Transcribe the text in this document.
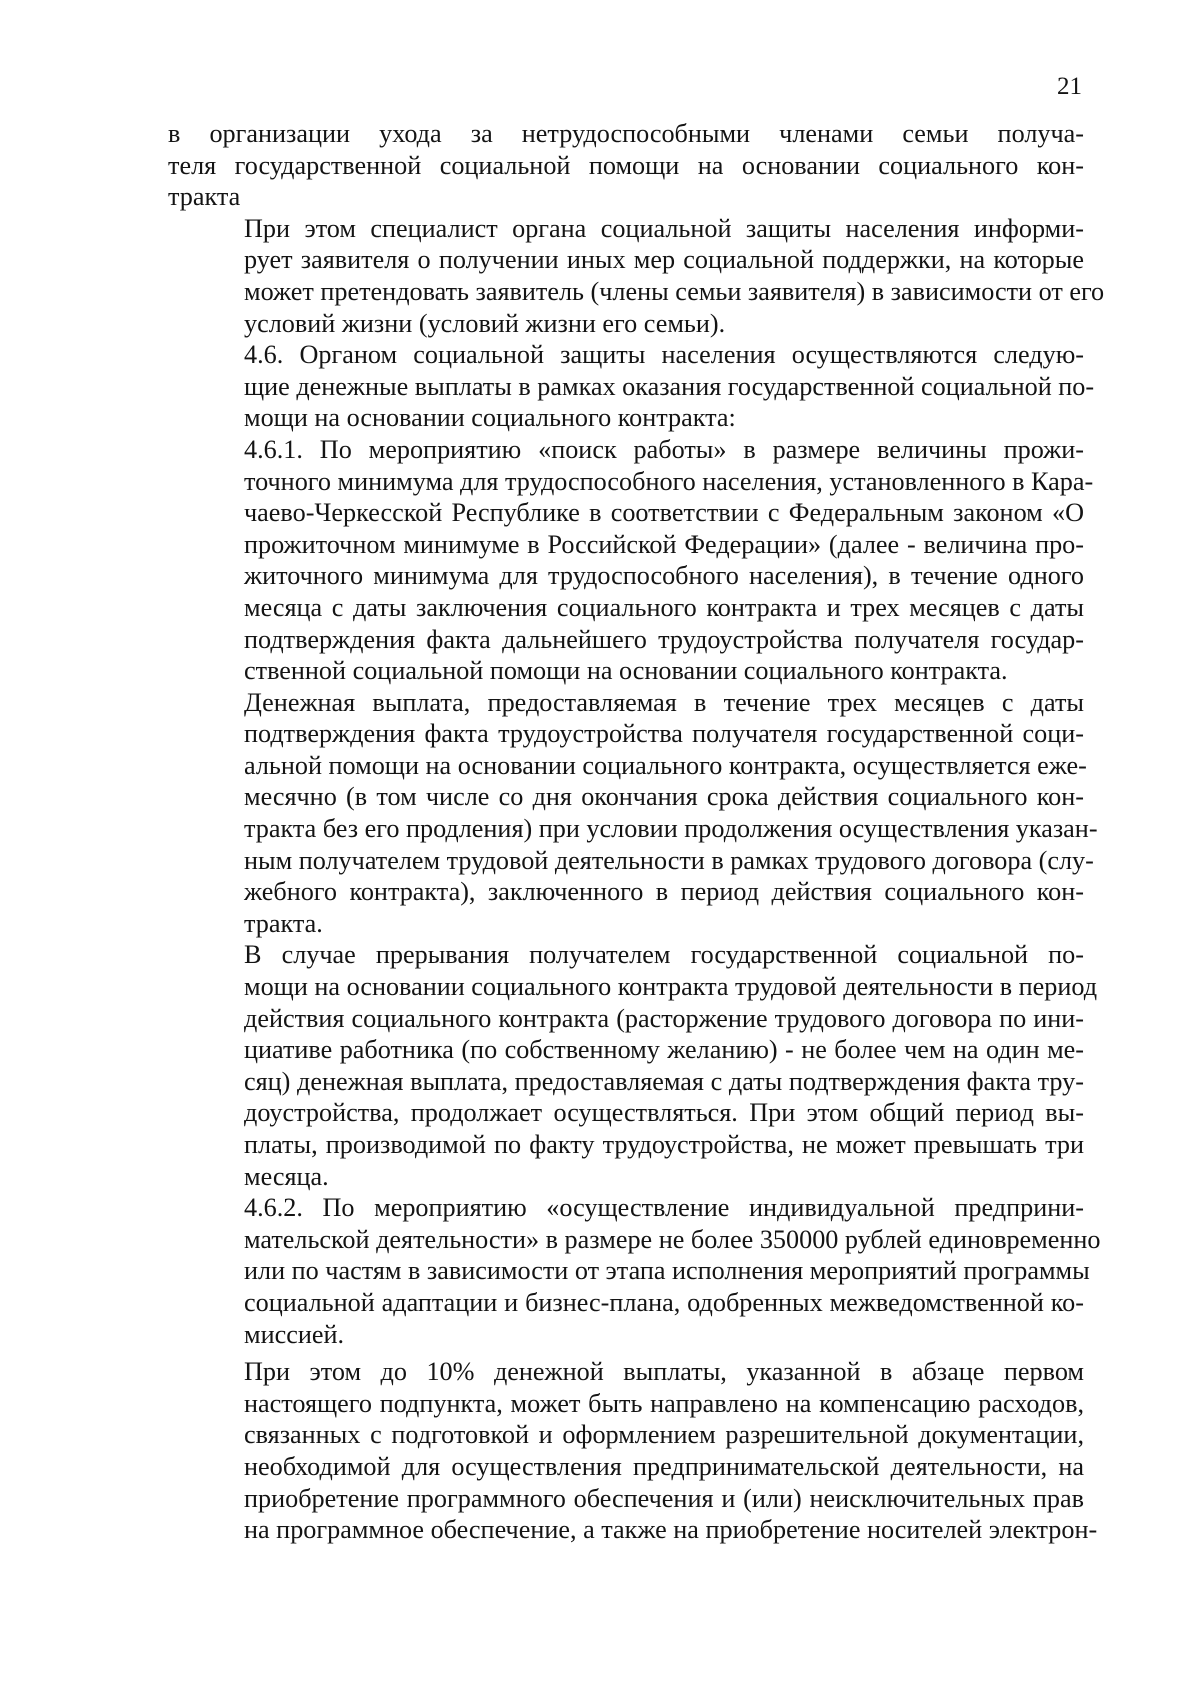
21

в организации ухода за нетрудоспособными членами семьи получа-
теля государственной социальной помощи на основании социального кон-
тракта

При этом специалист органа социальной защиты населения информи-
рует заявителя о получении иных мер социальной поддержки, на которые
может претендовать заявитель (члены семьи заявителя) в зависимости от его
условий жизни (условий жизни его семьи).

4.6. Органом социальной защиты населения осуществляются следую-
щие денежные выплаты в рамках оказания государственной социальной по-
мощи на основании социального контракта:

4.6.1. По мероприятию «поиск работы» в размере величины прожи-
точного минимума для трудоспособного населения, установленного в Кара-
чаево-Черкесской Республике в соответствии с Федеральным законом «О
прожиточном минимуме в Российской Федерации» (далее - величина про-
житочного минимума для трудоспособного населения), в течение одного
месяца с даты заключения социального контракта и трех месяцев с даты
подтверждения факта дальнейшего трудоустройства получателя государ-
ственной социальной помощи на основании социального контракта.

Денежная выплата, предоставляемая в течение трех месяцев с даты
подтверждения факта трудоустройства получателя государственной соци-
альной помощи на основании социального контракта, осуществляется еже-
месячно (в том числе со дня окончания срока действия социального кон-
тракта без его продления) при условии продолжения осуществления указан-
ным получателем трудовой деятельности в рамках трудового договора (слу-
жебного контракта), заключенного в период действия социального кон-
тракта.

В случае прерывания получателем государственной социальной по-
мощи на основании социального контракта трудовой деятельности в период
действия социального контракта (расторжение трудового договора по ини-
циативе работника (по собственному желанию) - не более чем на один ме-
сяц) денежная выплата, предоставляемая с даты подтверждения факта тру-
доустройства, продолжает осуществляться. При этом общий период вы-
платы, производимой по факту трудоустройства, не может превышать три
месяца.

4.6.2. По мероприятию «осуществление индивидуальной предприни-
мательской деятельности» в размере не более 350000 рублей единовременно
или по частям в зависимости от этапа исполнения мероприятий программы
социальной адаптации и бизнес-плана, одобренных межведомственной ко-
миссией.

При этом до 10% денежной выплаты, указанной в абзаце первом
настоящего подпункта, может быть направлено на компенсацию расходов,
связанных с подготовкой и оформлением разрешительной документации,
необходимой для осуществления предпринимательской деятельности, на
приобретение программного обеспечения и (или) неисключительных прав
на программное обеспечение, а также на приобретение носителей электрон-
